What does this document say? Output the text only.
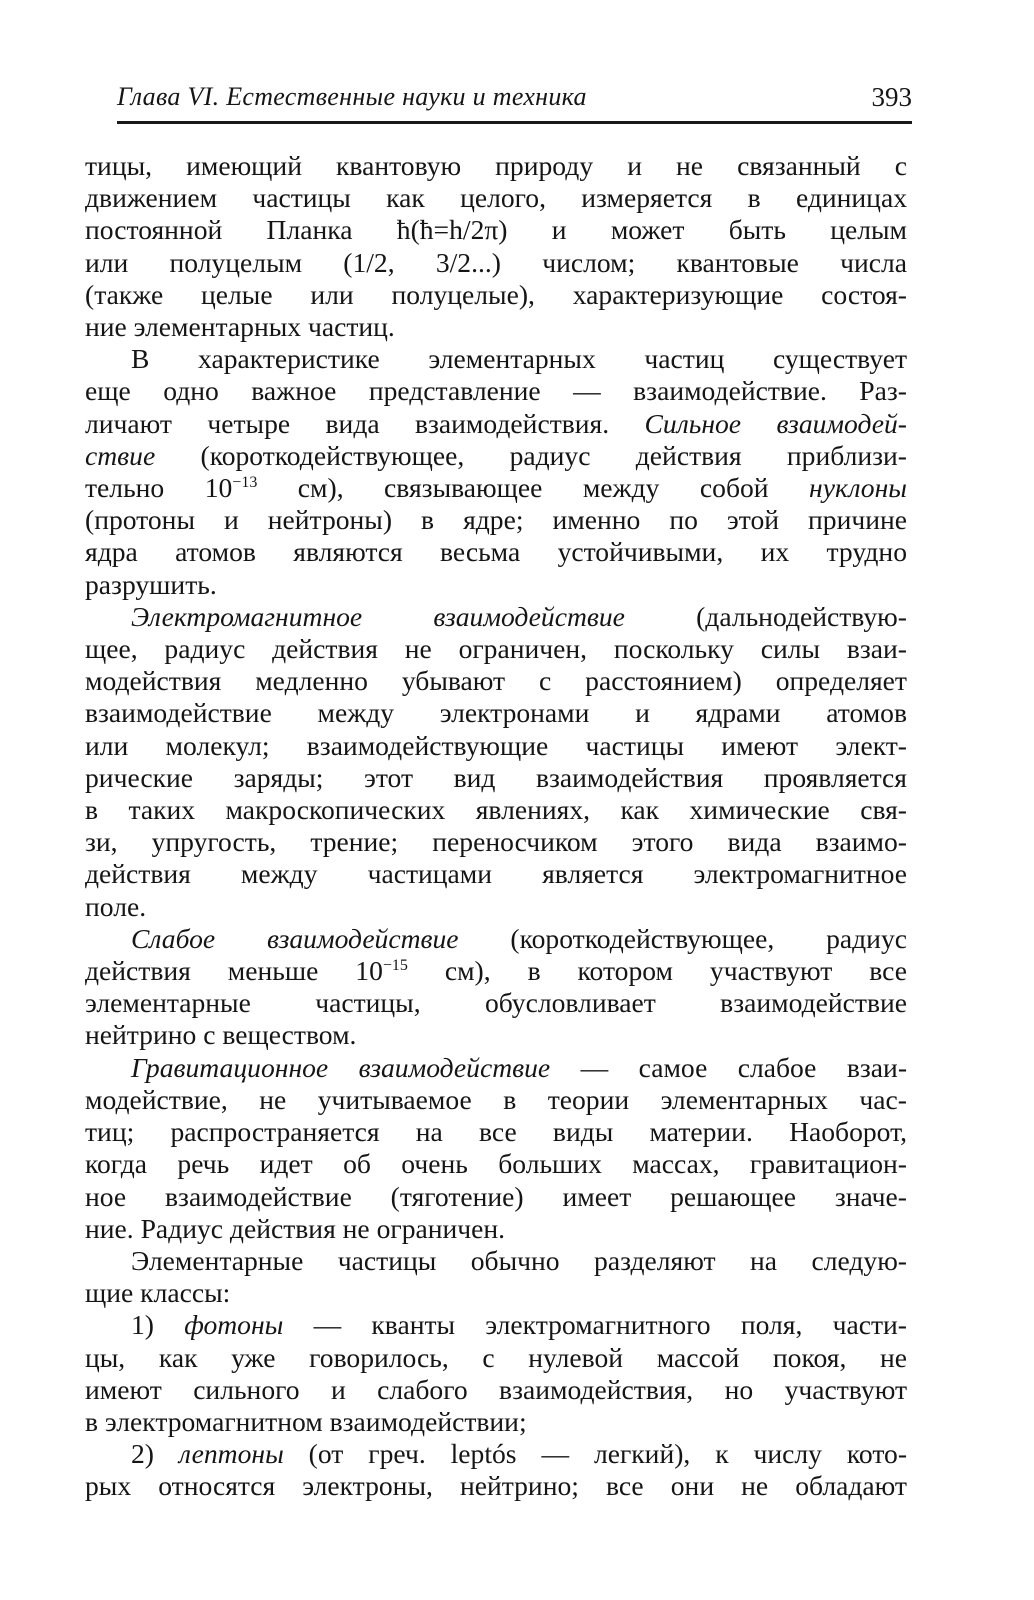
Глава VI. Естественные науки и техника	393

тицы, имеющий квантовую природу и не связанный с

движением частицы как целого, измеряется в единицах

постоянной Планка ħ(ħ=h/2π) и может быть целым

или полуцелым (1/2, 3/2...) числом; квантовые числа

(также целые или полуцелые), характеризующие состоя-

ние элементарных частиц.

В характеристике элементарных частиц существует

еще одно важное представление — взаимодействие. Раз-

личают четыре вида взаимодействия. Сильное взаимодей-

ствие (короткодействующее, радиус действия приблизи-

тельно $10^{-13}$ см), связывающее между собой нуклоны

(протоны и нейтроны) в ядре; именно по этой причине

ядра атомов являются весьма устойчивыми, их трудно

разрушить.

Электромагнитное взаимодействие (дальнодействую-

щее, радиус действия не ограничен, поскольку силы взаи-

модействия медленно убывают с расстоянием) определяет

взаимодействие между электронами и ядрами атомов

или молекул; взаимодействующие частицы имеют элект-

рические заряды; этот вид взаимодействия проявляется

в таких макроскопических явлениях, как химические свя-

зи, упругость, трение; переносчиком этого вида взаимо-

действия между частицами является электромагнитное

поле.

Слабое взаимодействие (короткодействующее, радиус

действия меньше $10^{-15}$ см), в котором участвуют все

элементарные частицы, обусловливает взаимодействие

нейтрино с веществом.

Гравитационное взаимодействие — самое слабое взаи-

модействие, не учитываемое в теории элементарных час-

тиц; распространяется на все виды материи. Наоборот,

когда речь идет об очень больших массах, гравитацион-

ное взаимодействие (тяготение) имеет решающее значе-

ние. Радиус действия не ограничен.

Элементарные частицы обычно разделяют на следую-

щие классы:

1) фотоны — кванты электромагнитного поля, части-

цы, как уже говорилось, с нулевой массой покоя, не

имеют сильного и слабого взаимодействия, но участвуют

в электромагнитном взаимодействии;

2) лептоны (от греч. leptós — легкий), к числу кото-

рых относятся электроны, нейтрино; все они не обладают
